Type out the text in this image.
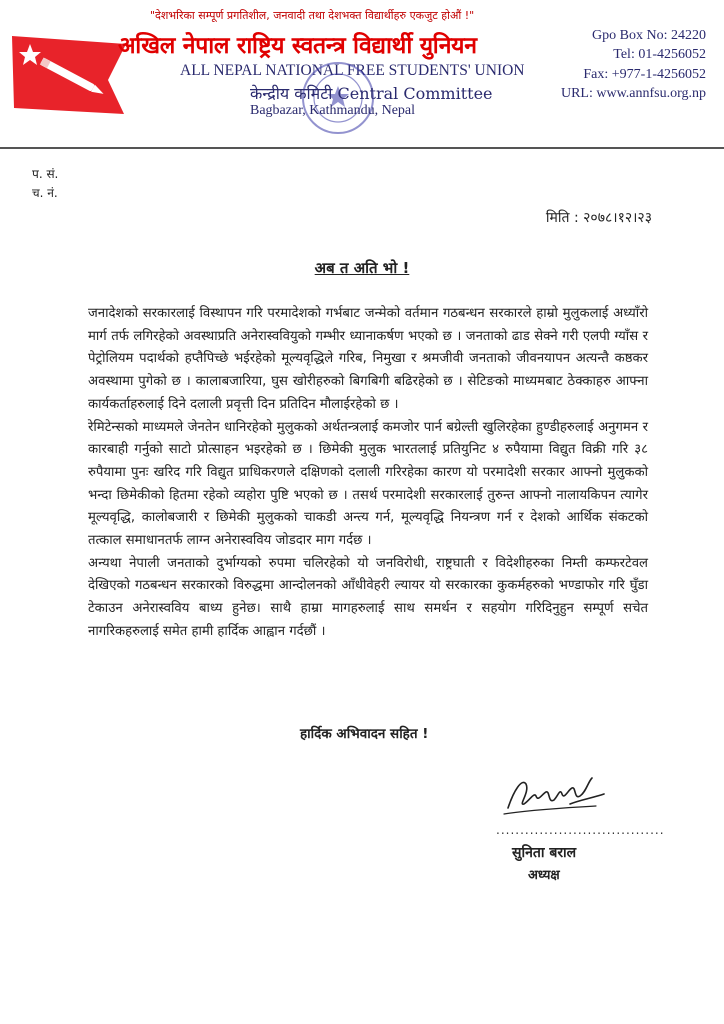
"देशभरिका सम्पूर्ण प्रगतिशील, जनवादी तथा देशभक्त विद्यार्थीहरु एकजुट होऔं !"
अखिल नेपाल राष्ट्रिय स्वतन्त्र विद्यार्थी युनियन
ALL NEPAL NATIONAL FREE STUDENTS' UNION
केन्द्रीय कमिटी Central Committee
Bagbazar, Kathmandu, Nepal
Gpo Box No: 24220
Tel: 01-4256052
Fax: +977-1-4256052
URL: www.annfsu.org.np
प. सं.
च. नं.
मिति : २०७८।१२।२३
अब त अति भो !

जनादेशको सरकारलाई विस्थापन गरि परमादेशको गर्भबाट जन्मेको वर्तमान गठबन्धन सरकारले हाम्रो मुलुकलाई अध्याँरो मार्ग तर्फ लगिरहेको अवस्थाप्रति अनेरास्ववियुको गम्भीर ध्यानाकर्षण भएको छ । जनताको ढाड सेक्ने गरी एलपी ग्याँस र पेट्रोलियम पदार्थको हप्तैपिच्छे भईरहेको मूल्यवृद्धिले गरिब, निमुखा र श्रमजीवी जनताको जीवनयापन अत्यन्तै कष्ठकर अवस्थामा पुगेको छ । कालाबजारिया, घुस खोरीहरुको बिगबिगी बढिरहेको छ । सेटिङको माध्यमबाट ठेक्काहरु आफ्ना कार्यकर्ताहरुलाई दिने दलाली प्रवृत्ती दिन प्रतिदिन मौलाईरहेको छ ।

रेमिटेन्सको माध्यमले जेनतेन धानिरहेको मुलुकको अर्थतन्त्रलाई कमजोर पार्न बग्रेल्ती खुलिरहेका हुण्डीहरुलाई अनुगमन र कारबाही गर्नुको साटो प्रोत्साहन भइरहेको छ । छिमेकी मुलुक भारतलाई प्रतियुनिट ४ रुपैयामा विद्युत विक्री गरि ३८ रुपैयामा पुनः खरिद गरि विद्युत प्राधिकरणले दक्षिणको दलाली गरिरहेका कारण यो परमादेशी सरकार आफ्नो मुलुकको भन्दा छिमेकीको हितमा रहेको व्यहोरा पुष्टि भएको छ । तसर्थ परमादेशी सरकारलाई तुरुन्त आफ्नो नालायकिपन त्यागेर मूल्यवृद्धि, कालोबजारी र छिमेकी मुलुकको चाकडी अन्त्य गर्न, मूल्यवृद्धि नियन्त्रण गर्न र देशको आर्थिक संकटको तत्काल समाधानतर्फ लाग्न अनेरास्वविय जोडदार माग गर्दछ ।

अन्यथा नेपाली जनताको दुर्भाग्यको रुपमा चलिरहेको यो जनविरोधी, राष्ट्रघाती र विदेशीहरुका निम्ती कम्फरटेवल देखिएको गठबन्धन सरकारको विरुद्धमा आन्दोलनको आँधीवेहरी ल्यायर यो सरकारका कुकर्महरुको भण्डाफोर गरि घुँडा टेकाउन अनेरास्वविय बाध्य हुनेछ। साथै हाम्रा मागहरुलाई साथ समर्थन र सहयोग गरिदिनुहुन सम्पूर्ण सचेत नागरिकहरुलाई समेत हामी हार्दिक आह्वान गर्दछौं ।

हार्दिक अभिवादन सहित !
...................................
सुनिता बराल
अध्यक्ष
